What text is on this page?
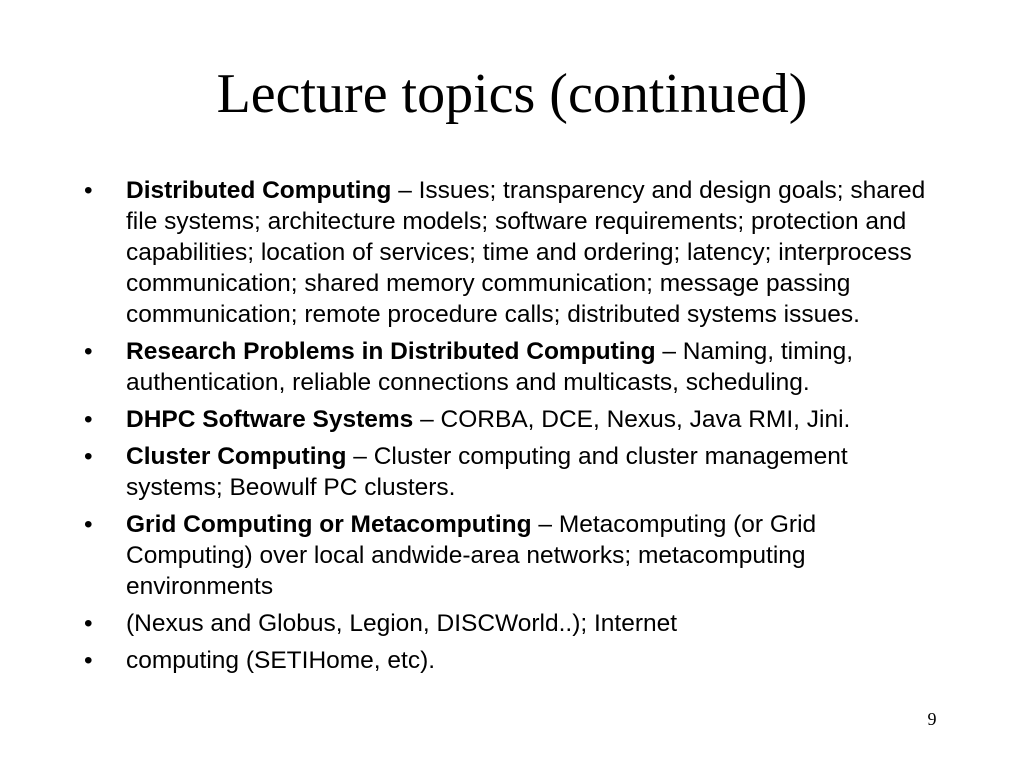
Lecture topics (continued)
•	Distributed Computing – Issues; transparency and design goals; shared file systems; architecture models; software requirements; protection and capabilities; location of services; time and ordering; latency; interprocess communication; shared memory communication; message passing communication; remote procedure calls; distributed systems issues.
•	Research Problems in Distributed Computing – Naming, timing, authentication, reliable connections and multicasts, scheduling.
•	DHPC Software Systems – CORBA, DCE, Nexus, Java RMI, Jini.
•	Cluster Computing – Cluster computing and cluster management systems; Beowulf PC clusters.
•	Grid Computing or Metacomputing – Metacomputing (or Grid Computing) over local andwide-area networks; metacomputing environments
•	(Nexus and Globus, Legion, DISCWorld..); Internet
•	computing (SETIHome, etc).
9
